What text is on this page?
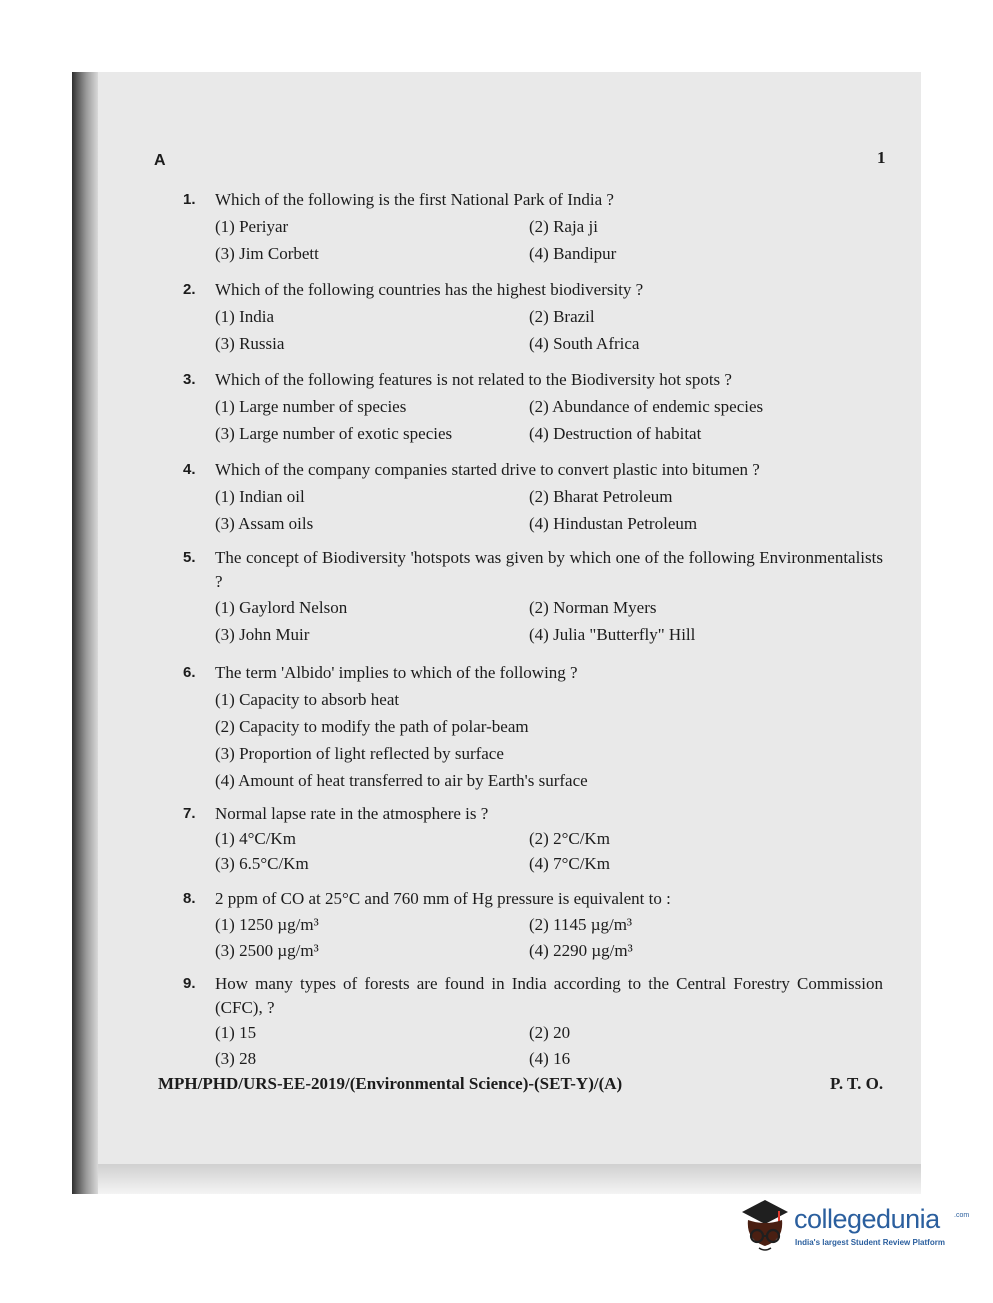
A	1
1. Which of the following is the first National Park of India ?
(1) Periyar	(2) Raja ji
(3) Jim Corbett	(4) Bandipur
2. Which of the following countries has the highest biodiversity ?
(1) India	(2) Brazil
(3) Russia	(4) South Africa
3. Which of the following features is not related to the Biodiversity hot spots ?
(1) Large number of species	(2) Abundance of endemic species
(3) Large number of exotic species	(4) Destruction of habitat
4. Which of the company companies started drive to convert plastic into bitumen ?
(1) Indian oil	(2) Bharat Petroleum
(3) Assam oils	(4) Hindustan Petroleum
5. The concept of Biodiversity 'hotspots was given by which one of the following Environmentalists ?
(1) Gaylord Nelson	(2) Norman Myers
(3) John Muir	(4) Julia "Butterfly" Hill
6. The term 'Albido' implies to which of the following ?
(1) Capacity to absorb heat
(2) Capacity to modify the path of polar-beam
(3) Proportion of light reflected by surface
(4) Amount of heat transferred to air by Earth's surface
7. Normal lapse rate in the atmosphere is ?
(1) 4°C/Km	(2) 2°C/Km
(3) 6.5°C/Km	(4) 7°C/Km
8. 2 ppm of CO at 25°C and 760 mm of Hg pressure is equivalent to :
(1) 1250 µg/m³	(2) 1145 µg/m³
(3) 2500 µg/m³	(4) 2290 µg/m³
9. How many types of forests are found in India according to the Central Forestry Commission (CFC), ?
(1) 15	(2) 20
(3) 28	(4) 16
MPH/PHD/URS-EE-2019/(Environmental Science)-(SET-Y)/(A)	P. T. O.
collegedunia .com
India's largest Student Review Platform
